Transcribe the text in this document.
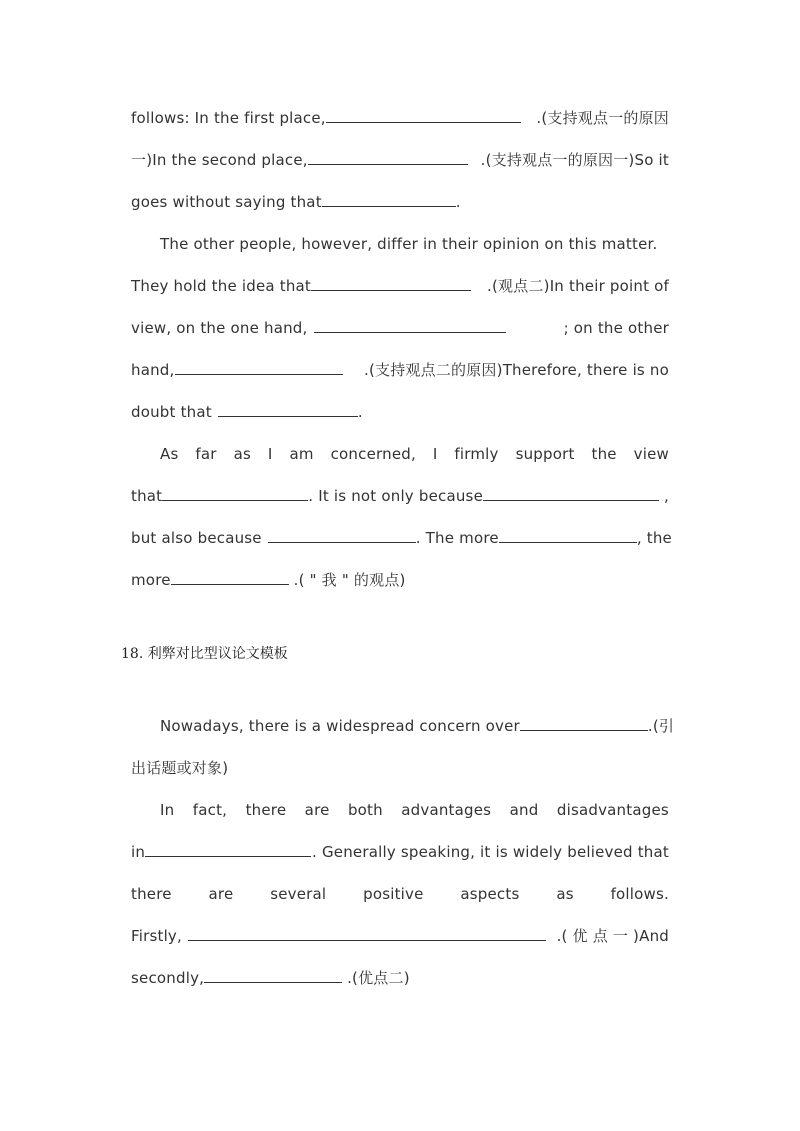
follows: In the first place,	.(支持观点一的原因
一)In the second place,	.(支持观点一的原因一)So it
goes without saying that	.
The other people, however, differ in their opinion on this matter.
They hold the idea that	.(观点二)In their point of
view, on the one hand,	; on the other
hand,	.(支持观点二的原因)Therefore, there is no
doubt that	.
As far as I am concerned, I firmly support the view
that	. It is not only because	,
but also because	. The more	, the
more	.( " 我 " 的观点)
18. 利弊对比型议论文模板
Nowadays, there is a widespread concern over	.(引
出话题或对象)
In fact, there are both advantages and disadvantages
in	. Generally speaking, it is widely believed that
there are several positive aspects as follows.
Firstly,	.( 优 点 一 )And
secondly,	.(优点二)
